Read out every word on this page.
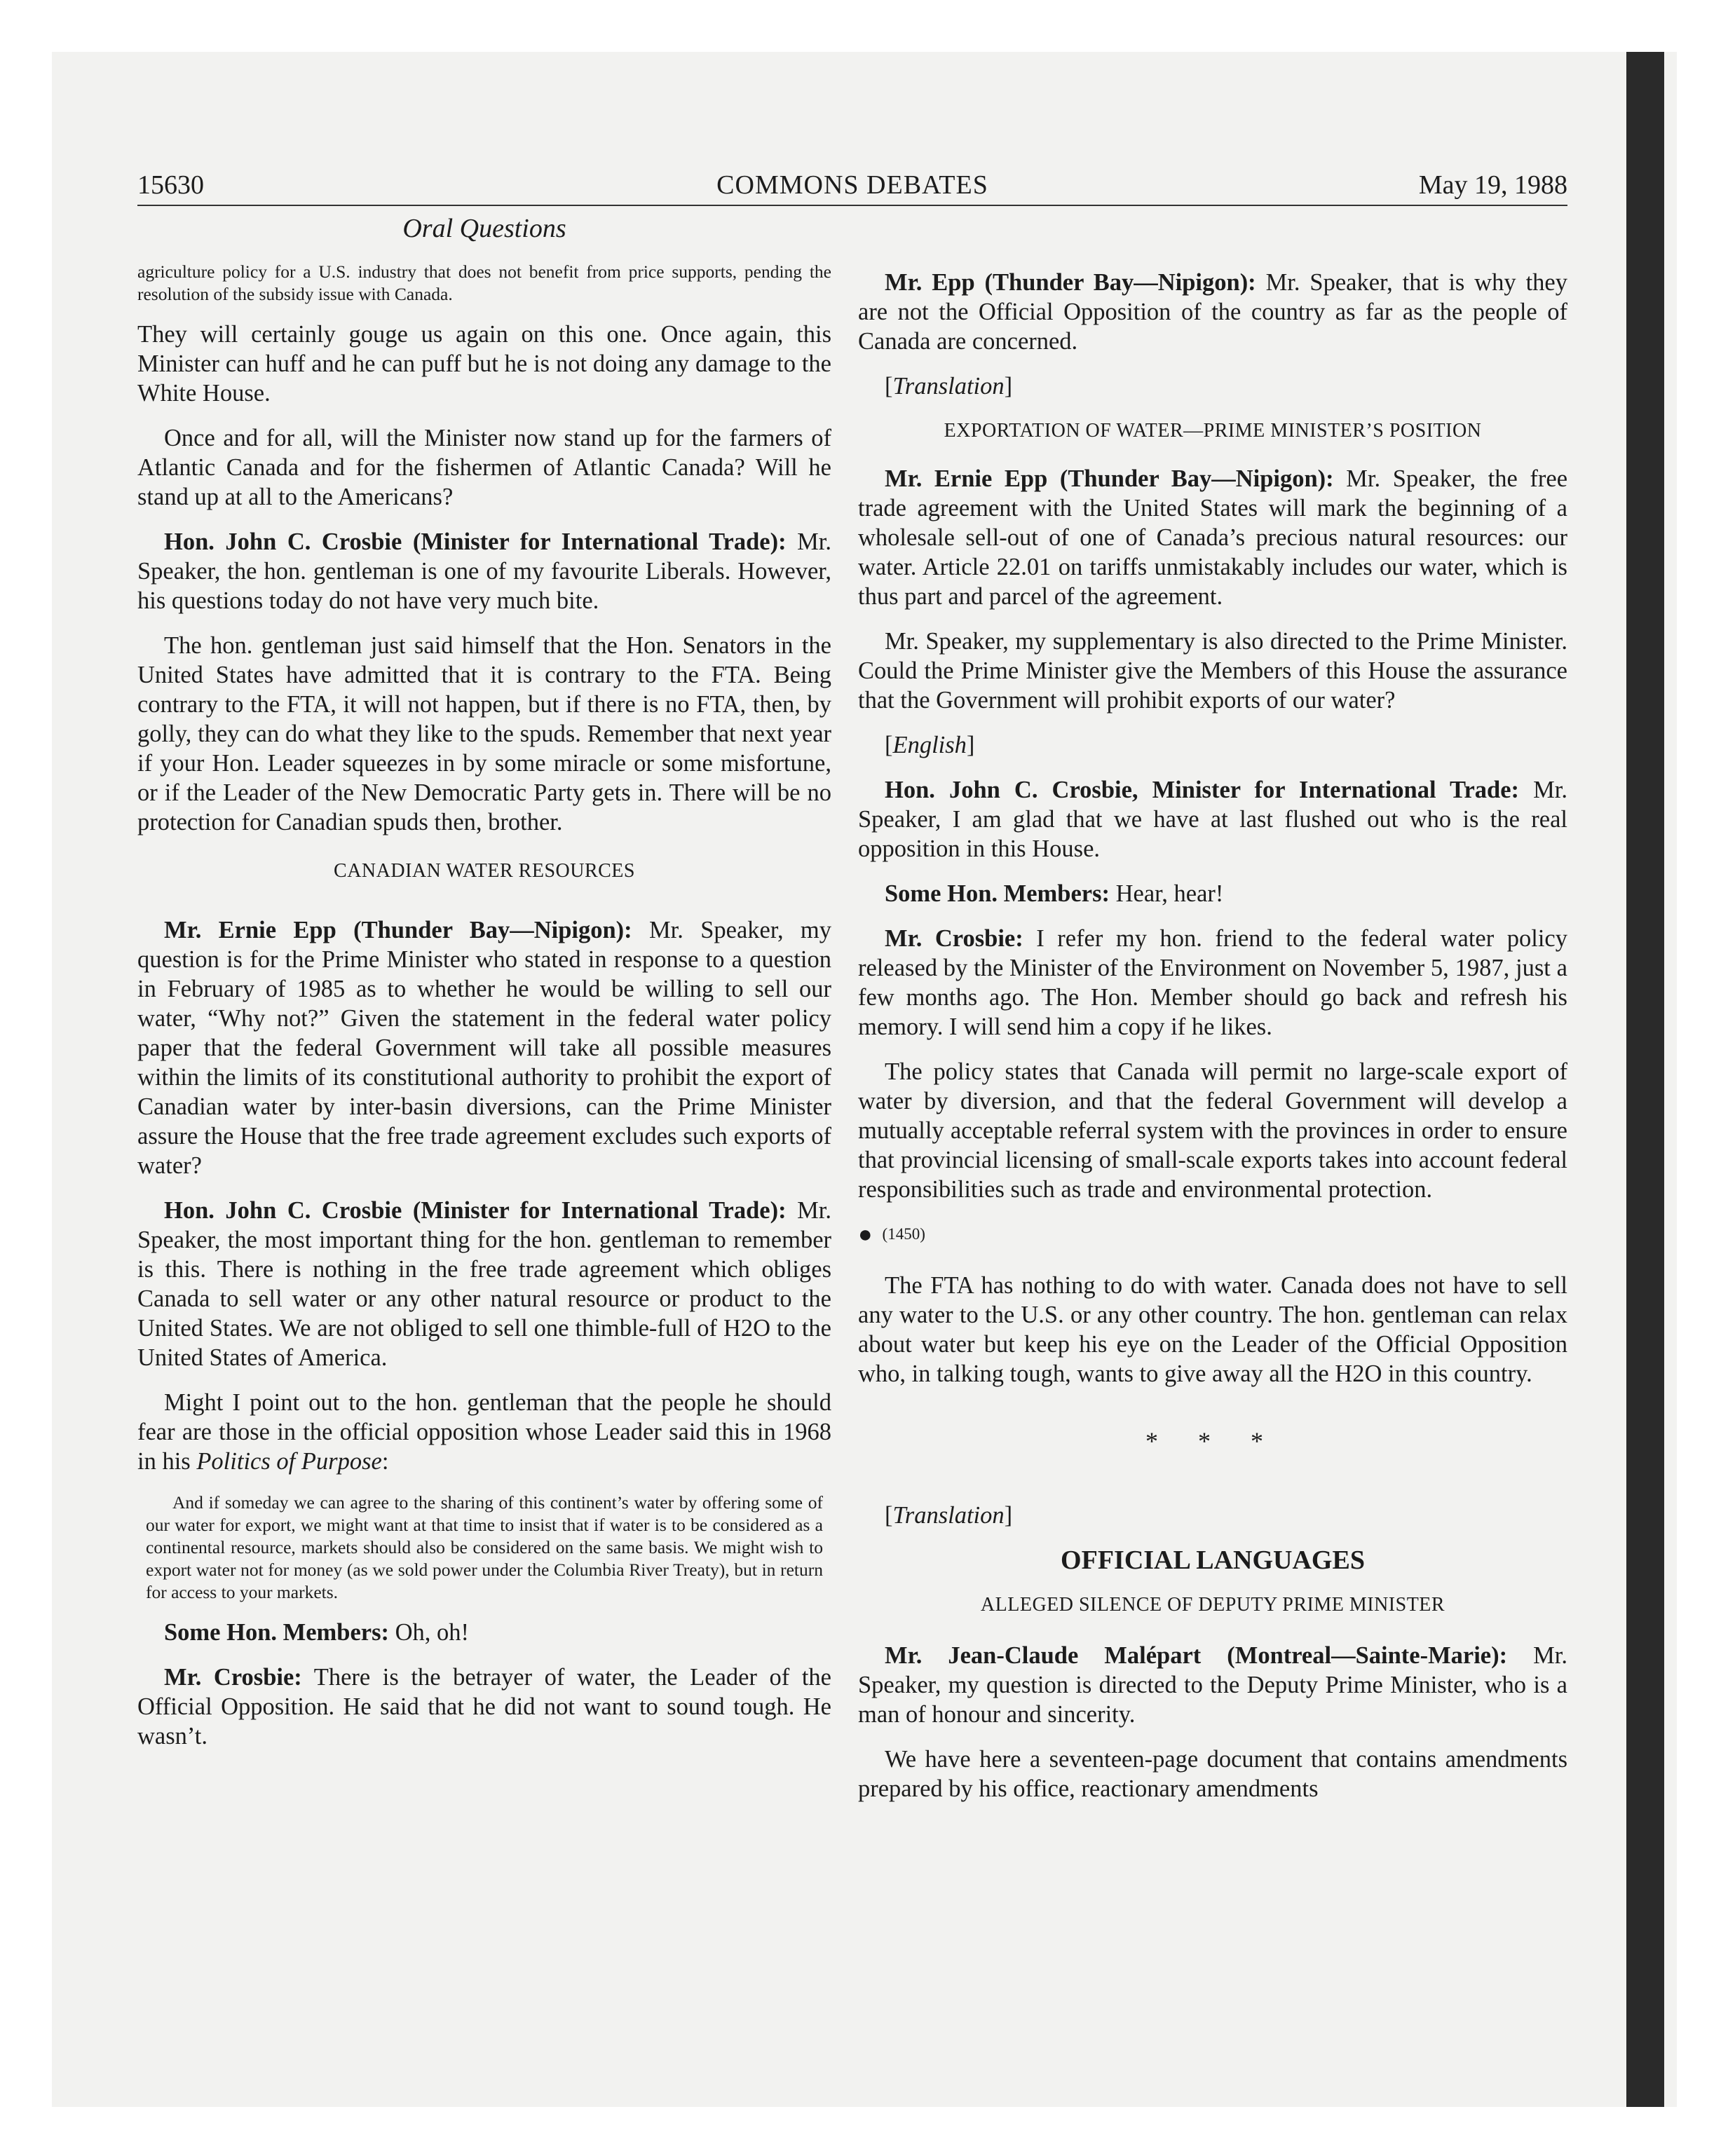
15630	COMMONS DEBATES	May 19, 1988
Oral Questions

agriculture policy for a U.S. industry that does not benefit from price supports, pending the resolution of the subsidy issue with Canada.

They will certainly gouge us again on this one. Once again, this Minister can huff and he can puff but he is not doing any damage to the White House.

Once and for all, will the Minister now stand up for the farmers of Atlantic Canada and for the fishermen of Atlantic Canada? Will he stand up at all to the Americans?

Hon. John C. Crosbie (Minister for International Trade): Mr. Speaker, the hon. gentleman is one of my favourite Liberals. However, his questions today do not have very much bite.

The hon. gentleman just said himself that the Hon. Senators in the United States have admitted that it is contrary to the FTA. Being contrary to the FTA, it will not happen, but if there is no FTA, then, by golly, they can do what they like to the spuds. Remember that next year if your Hon. Leader squeezes in by some miracle or some misfortune, or if the Leader of the New Democratic Party gets in. There will be no protection for Canadian spuds then, brother.

CANADIAN WATER RESOURCES

Mr. Ernie Epp (Thunder Bay—Nipigon): Mr. Speaker, my question is for the Prime Minister who stated in response to a question in February of 1985 as to whether he would be willing to sell our water, “Why not?” Given the statement in the federal water policy paper that the federal Government will take all possible measures within the limits of its constitutional authority to prohibit the export of Canadian water by inter-basin diversions, can the Prime Minister assure the House that the free trade agreement excludes such exports of water?

Hon. John C. Crosbie (Minister for International Trade): Mr. Speaker, the most important thing for the hon. gentleman to remember is this. There is nothing in the free trade agreement which obliges Canada to sell water or any other natural resource or product to the United States. We are not obliged to sell one thimble-full of H2O to the United States of America.

Might I point out to the hon. gentleman that the people he should fear are those in the official opposition whose Leader said this in 1968 in his Politics of Purpose:

And if someday we can agree to the sharing of this continent’s water by offering some of our water for export, we might want at that time to insist that if water is to be considered as a continental resource, markets should also be considered on the same basis. We might wish to export water not for money (as we sold power under the Columbia River Treaty), but in return for access to your markets.

Some Hon. Members: Oh, oh!

Mr. Crosbie: There is the betrayer of water, the Leader of the Official Opposition. He said that he did not want to sound tough. He wasn’t.

Mr. Epp (Thunder Bay—Nipigon): Mr. Speaker, that is why they are not the Official Opposition of the country as far as the people of Canada are concerned.

[Translation]

EXPORTATION OF WATER—PRIME MINISTER’S POSITION

Mr. Ernie Epp (Thunder Bay—Nipigon): Mr. Speaker, the free trade agreement with the United States will mark the beginning of a wholesale sell-out of one of Canada’s precious natural resources: our water. Article 22.01 on tariffs unmistakably includes our water, which is thus part and parcel of the agreement.

Mr. Speaker, my supplementary is also directed to the Prime Minister. Could the Prime Minister give the Members of this House the assurance that the Government will prohibit exports of our water?

[English]

Hon. John C. Crosbie, Minister for International Trade: Mr. Speaker, I am glad that we have at last flushed out who is the real opposition in this House.

Some Hon. Members: Hear, hear!

Mr. Crosbie: I refer my hon. friend to the federal water policy released by the Minister of the Environment on November 5, 1987, just a few months ago. The Hon. Member should go back and refresh his memory. I will send him a copy if he likes.

The policy states that Canada will permit no large-scale export of water by diversion, and that the federal Government will develop a mutually acceptable referral system with the provinces in order to ensure that provincial licensing of small-scale exports takes into account federal responsibilities such as trade and environmental protection.

● (1450)

The FTA has nothing to do with water. Canada does not have to sell any water to the U.S. or any other country. The hon. gentleman can relax about water but keep his eye on the Leader of the Official Opposition who, in talking tough, wants to give away all the H2O in this country.

* * *

[Translation]

OFFICIAL LANGUAGES
ALLEGED SILENCE OF DEPUTY PRIME MINISTER

Mr. Jean-Claude Malépart (Montreal—Sainte-Marie): Mr. Speaker, my question is directed to the Deputy Prime Minister, who is a man of honour and sincerity.

We have here a seventeen-page document that contains amendments prepared by his office, reactionary amendments
